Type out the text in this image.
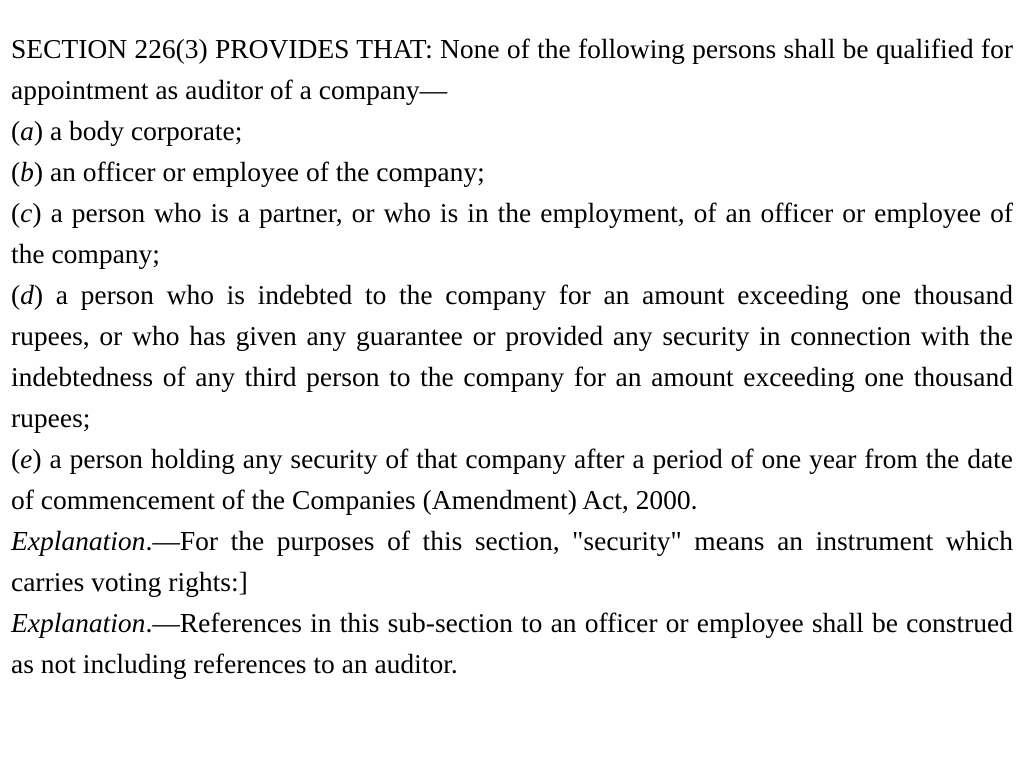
SECTION 226(3) PROVIDES THAT: None of the following persons shall be qualified for appointment as auditor of a company―

(a) a body corporate;

(b) an officer or employee of the company;

(c) a person who is a partner, or who is in the employment, of an officer or employee of the company;

(d) a person who is indebted to the company for an amount exceeding one thousand rupees, or who has given any guarantee or provided any security in connection with the indebtedness of any third person to the company for an amount exceeding one thousand rupees;

(e) a person holding any security of that company after a period of one year from the date of commencement of the Companies (Amendment) Act, 2000.

Explanation.―For the purposes of this section, "security" means an instrument which carries voting rights:]

Explanation.―References in this sub-section to an officer or employee shall be construed as not including references to an auditor.
